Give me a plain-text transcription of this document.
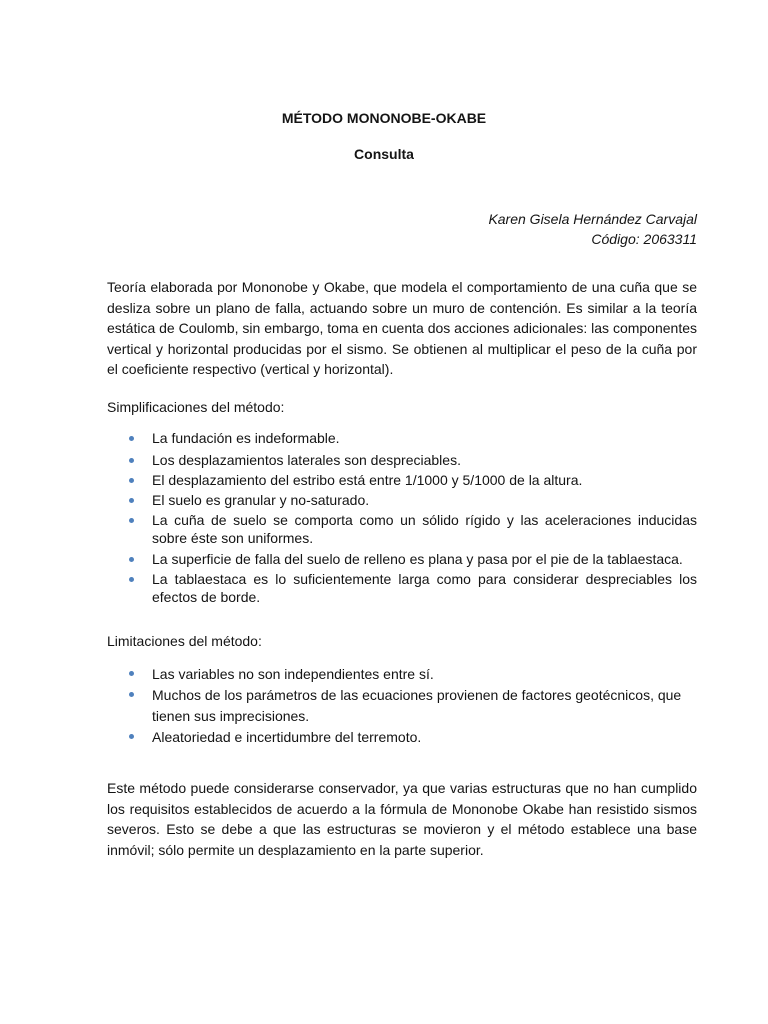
MÉTODO MONONOBE-OKABE
Consulta
Karen Gisela Hernández Carvajal
Código: 2063311
Teoría elaborada por Mononobe y Okabe, que modela el comportamiento de una cuña que se desliza sobre un plano de falla, actuando sobre un muro de contención. Es similar a la teoría estática de Coulomb, sin embargo, toma en cuenta dos acciones adicionales: las componentes vertical y horizontal producidas por el sismo. Se obtienen al multiplicar el peso de la cuña por el coeficiente respectivo (vertical y horizontal).
Simplificaciones del método:
La fundación es indeformable.
Los desplazamientos laterales son despreciables.
El desplazamiento del estribo está entre 1/1000 y 5/1000 de la altura.
El suelo es granular y no-saturado.
La cuña de suelo se comporta como un sólido rígido y las aceleraciones inducidas sobre éste son uniformes.
La superficie de falla del suelo de relleno es plana y pasa por el pie de la tablaestaca.
La tablaestaca es lo suficientemente larga como para considerar despreciables los efectos de borde.
Limitaciones del método:
Las variables no son independientes entre sí.
Muchos de los parámetros de las ecuaciones provienen de factores geotécnicos, que tienen sus imprecisiones.
Aleatoriedad e incertidumbre del terremoto.
Este método puede considerarse conservador, ya que varias estructuras que no han cumplido los requisitos establecidos de acuerdo a la fórmula de Mononobe Okabe han resistido sismos severos. Esto se debe a que las estructuras se movieron y el método establece una base inmóvil; sólo permite un desplazamiento en la parte superior.
